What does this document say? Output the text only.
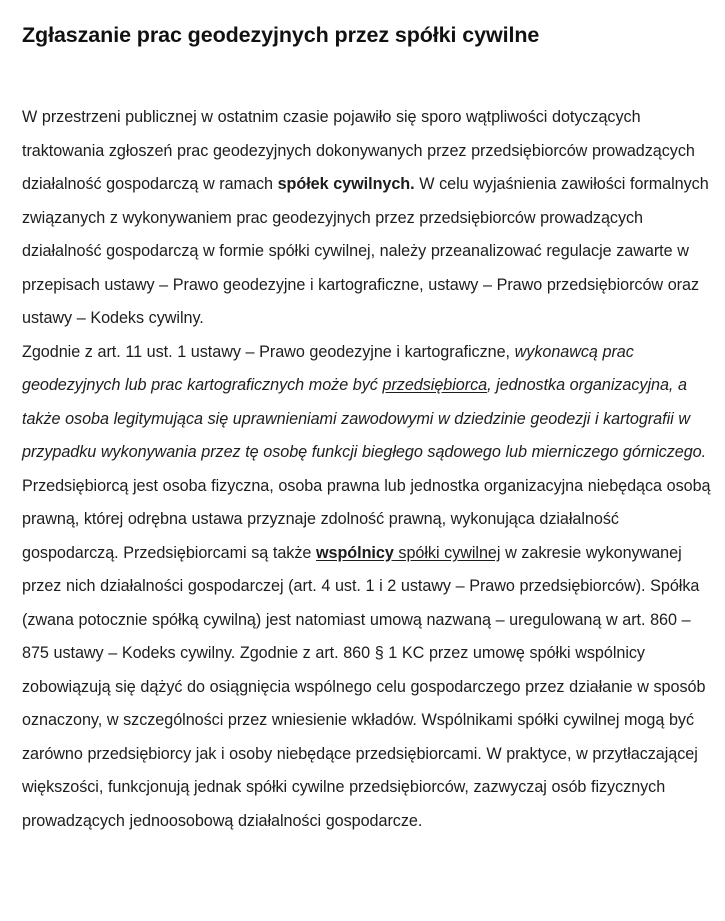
Zgłaszanie prac geodezyjnych przez spółki cywilne

W przestrzeni publicznej w ostatnim czasie pojawiło się sporo wątpliwości dotyczących traktowania zgłoszeń prac geodezyjnych dokonywanych przez przedsiębiorców prowadzących działalność gospodarczą w ramach spółek cywilnych. W celu wyjaśnienia zawiłości formalnych związanych z wykonywaniem prac geodezyjnych przez przedsiębiorców prowadzących działalność gospodarczą w formie spółki cywilnej, należy przeanalizować regulacje zawarte w przepisach ustawy – Prawo geodezyjne i kartograficzne, ustawy – Prawo przedsiębiorców oraz ustawy – Kodeks cywilny.

Zgodnie z art. 11 ust. 1 ustawy – Prawo geodezyjne i kartograficzne, wykonawcą prac geodezyjnych lub prac kartograficznych może być przedsiębiorca, jednostka organizacyjna, a także osoba legitymująca się uprawnieniami zawodowymi w dziedzinie geodezji i kartografii w przypadku wykonywania przez tę osobę funkcji biegłego sądowego lub mierniczego górniczego.

Przedsiębiorcą jest osoba fizyczna, osoba prawna lub jednostka organizacyjna niebędąca osobą prawną, której odrębna ustawa przyznaje zdolność prawną, wykonująca działalność gospodarczą. Przedsiębiorcami są także wspólnicy spółki cywilnej w zakresie wykonywanej przez nich działalności gospodarczej (art. 4 ust. 1 i 2 ustawy – Prawo przedsiębiorców). Spółka (zwana potocznie spółką cywilną) jest natomiast umową nazwaną – uregulowaną w art. 860 – 875 ustawy – Kodeks cywilny. Zgodnie z art. 860 § 1 KC przez umowę spółki wspólnicy zobowiązują się dążyć do osiągnięcia wspólnego celu gospodarczego przez działanie w sposób oznaczony, w szczególności przez wniesienie wkładów. Wspólnikami spółki cywilnej mogą być zarówno przedsiębiorcy jak i osoby niebędące przedsiębiorcami. W praktyce, w przytłaczającej większości, funkcjonują jednak spółki cywilne przedsiębiorców, zazwyczaj osób fizycznych prowadzących jednoosobową działalności gospodarcze.
